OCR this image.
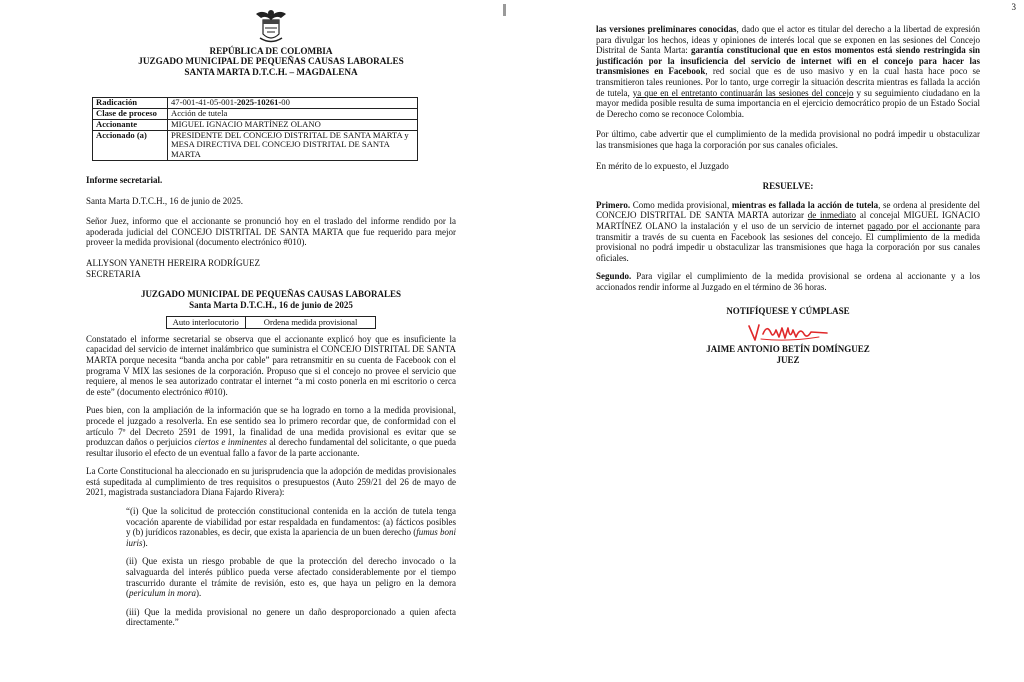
REPÚBLICA DE COLOMBIA

JUZGADO MUNICIPAL DE PEQUEÑAS CAUSAS LABORALES

SANTA MARTA D.T.C.H. – MAGDALENA

Radicación	47-001-41-05-001-2025-10261-00
Clase de proceso	Acción de tutela
Accionante	MIGUEL IGNACIO MARTÍNEZ OLANO
Accionado (a)	PRESIDENTE DEL CONCEJO DISTRITAL DE SANTA MARTA y MESA DIRECTIVA DEL CONCEJO DISTRITAL DE SANTA MARTA

Informe secretarial.

Santa Marta D.T.C.H., 16 de junio de 2025.

Señor Juez, informo que el accionante se pronunció hoy en el traslado del informe rendido por la apoderada judicial del CONCEJO DISTRITAL DE SANTA MARTA que fue requerido para mejor proveer la medida provisional (documento electrónico #010).

ALLYSON YANETH HEREIRA RODRÍGUEZ

SECRETARIA

JUZGADO MUNICIPAL DE PEQUEÑAS CAUSAS LABORALES

Santa Marta D.T.C.H., 16 de junio de 2025

Auto interlocutorio	Ordena medida provisional

Constatado el informe secretarial se observa que el accionante explicó hoy que es insuficiente la capacidad del servicio de internet inalámbrico que suministra el CONCEJO DISTRITAL DE SANTA MARTA porque necesita “banda ancha por cable” para retransmitir en su cuenta de Facebook con el programa V MIX las sesiones de la corporación. Propuso que si el concejo no provee el servicio que requiere, al menos le sea autorizado contratar el internet “a mi costo ponerla en mi escritorio o cerca de este” (documento electrónico #010).

Pues bien, con la ampliación de la información que se ha logrado en torno a la medida provisional, procede el juzgado a resolverla. En ese sentido sea lo primero recordar que, de conformidad con el artículo 7º del Decreto 2591 de 1991, la finalidad de una medida provisional es evitar que se produzcan daños o perjuicios ciertos e inminentes al derecho fundamental del solicitante, o que pueda resultar ilusorio el efecto de un eventual fallo a favor de la parte accionante.

La Corte Constitucional ha aleccionado en su jurisprudencia que la adopción de medidas provisionales está supeditada al cumplimiento de tres requisitos o presupuestos (Auto 259/21 del 26 de mayo de 2021, magistrada sustanciadora Diana Fajardo Rivera):

“(i) Que la solicitud de protección constitucional contenida en la acción de tutela tenga vocación aparente de viabilidad por estar respaldada en fundamentos: (a) fácticos posibles y (b) jurídicos razonables, es decir, que exista la apariencia de un buen derecho (fumus boni iuris).

(ii) Que exista un riesgo probable de que la protección del derecho invocado o la salvaguarda del interés público pueda verse afectado considerablemente por el tiempo trascurrido durante el trámite de revisión, esto es, que haya un peligro en la demora (periculum in mora).

(iii) Que la medida provisional no genere un daño desproporcionado a quien afecta directamente.”

3

las versiones preliminares conocidas, dado que el actor es titular del derecho a la libertad de expresión para divulgar los hechos, ideas y opiniones de interés local que se exponen en las sesiones del Concejo Distrital de Santa Marta: garantía constitucional que en estos momentos está siendo restringida sin justificación por la insuficiencia del servicio de internet wifi en el concejo para hacer las transmisiones en Facebook, red social que es de uso masivo y en la cual hasta hace poco se transmitieron tales reuniones. Por lo tanto, urge corregir la situación descrita mientras es fallada la acción de tutela, ya que en el entretanto continuarán las sesiones del concejo y su seguimiento ciudadano en la mayor medida posible resulta de suma importancia en el ejercicio democrático propio de un Estado Social de Derecho como se reconoce Colombia.

Por último, cabe advertir que el cumplimiento de la medida provisional no podrá impedir u obstaculizar las transmisiones que haga la corporación por sus canales oficiales.

En mérito de lo expuesto, el Juzgado

RESUELVE:

Primero. Como medida provisional, mientras es fallada la acción de tutela, se ordena al presidente del CONCEJO DISTRITAL DE SANTA MARTA autorizar de inmediato al concejal MIGUEL IGNACIO MARTÍNEZ OLANO la instalación y el uso de un servicio de internet pagado por el accionante para transmitir a través de su cuenta en Facebook las sesiones del concejo. El cumplimiento de la medida provisional no podrá impedir u obstaculizar las transmisiones que haga la corporación por sus canales oficiales.

Segundo. Para vigilar el cumplimiento de la medida provisional se ordena al accionante y a los accionados rendir informe al Juzgado en el término de 36 horas.

NOTIFÍQUESE Y CÚMPLASE

JAIME ANTONIO BETÍN DOMÍNGUEZ

JUEZ
